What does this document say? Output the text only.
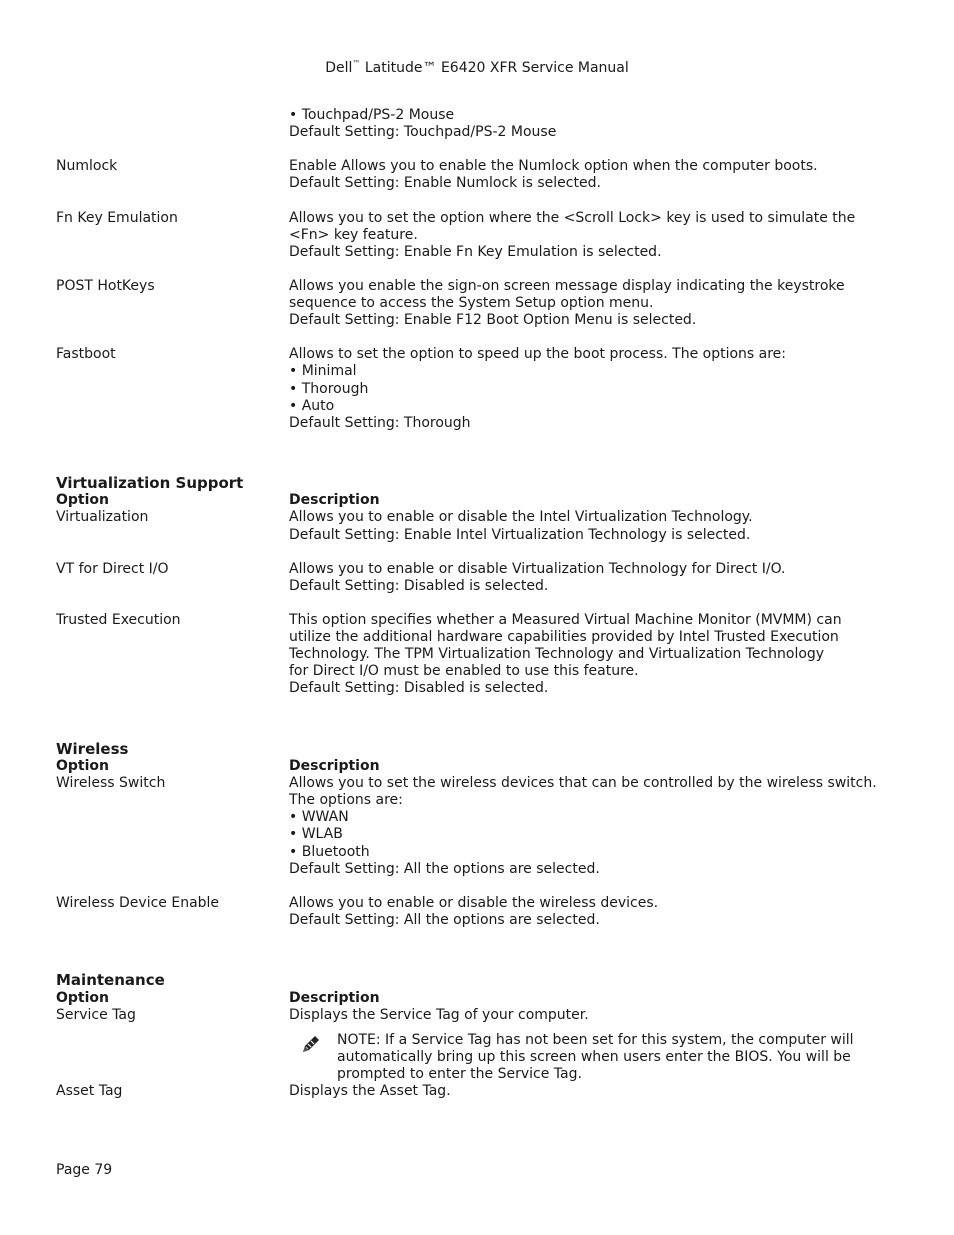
Dell™ Latitude™ E6420 XFR Service Manual

• Touchpad/PS-2 Mouse

Default Setting: Touchpad/PS-2 Mouse

Numlock	Enable Allows you to enable the Numlock option when the computer boots.

Default Setting: Enable Numlock is selected.

Fn Key Emulation	Allows you to set the option where the <Scroll Lock> key is used to simulate the

<Fn> key feature.

Default Setting: Enable Fn Key Emulation is selected.

POST HotKeys	Allows you enable the sign-on screen message display indicating the keystroke

sequence to access the System Setup option menu.

Default Setting: Enable F12 Boot Option Menu is selected.

Fastboot	Allows to set the option to speed up the boot process. The options are:

• Minimal

• Thorough

• Auto

Default Setting: Thorough

Virtualization Support
Option	Description
Virtualization	Allows you to enable or disable the Intel Virtualization Technology.

Default Setting: Enable Intel Virtualization Technology is selected.

VT for Direct I/O	Allows you to enable or disable Virtualization Technology for Direct I/O.

Default Setting: Disabled is selected.

Trusted Execution	This option specifies whether a Measured Virtual Machine Monitor (MVMM) can

utilize the additional hardware capabilities provided by Intel Trusted Execution

Technology. The TPM Virtualization Technology and Virtualization Technology

for Direct I/O must be enabled to use this feature.

Default Setting: Disabled is selected.

Wireless
Option	Description
Wireless Switch	Allows you to set the wireless devices that can be controlled by the wireless switch.

The options are:

• WWAN

• WLAB

• Bluetooth

Default Setting: All the options are selected.

Wireless Device Enable	Allows you to enable or disable the wireless devices.

Default Setting: All the options are selected.

Maintenance
Option	Description
Service Tag	Displays the Service Tag of your computer.

NOTE: If a Service Tag has not been set for this system, the computer will

automatically bring up this screen when users enter the BIOS. You will be

prompted to enter the Service Tag.

Asset Tag	Displays the Asset Tag.

Page 79
